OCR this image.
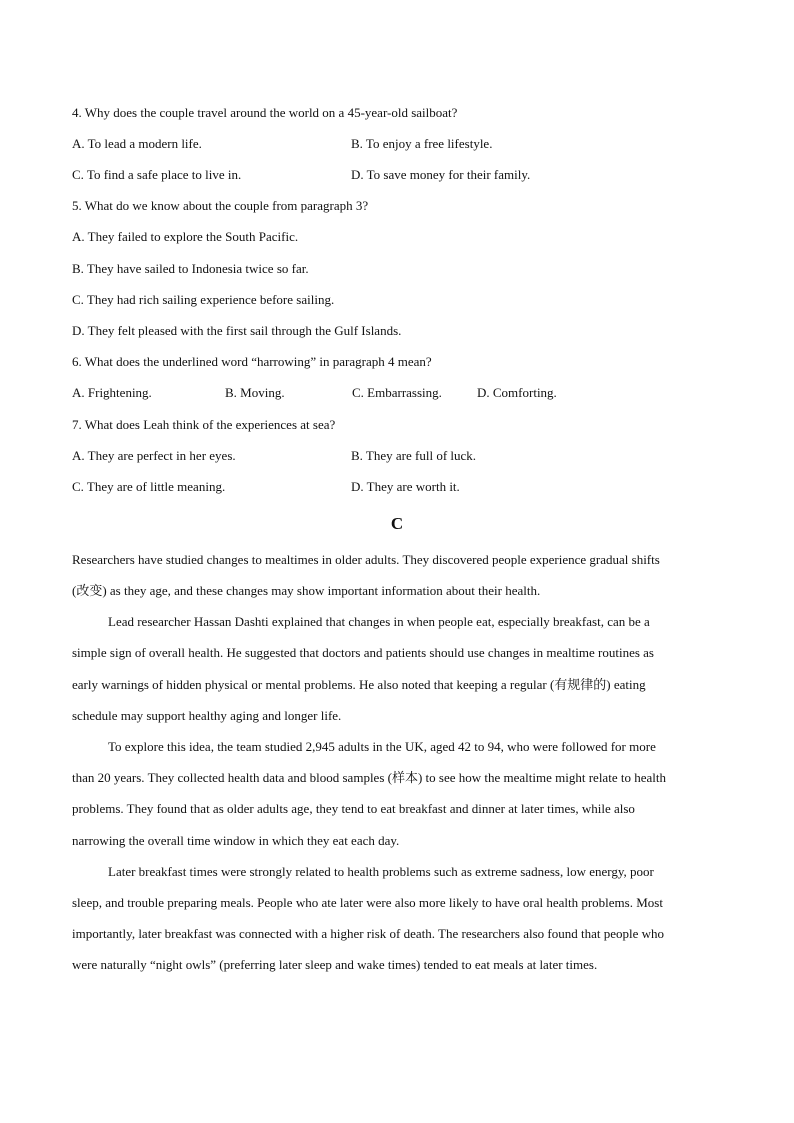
4. Why does the couple travel around the world on a 45-year-old sailboat?
A. To lead a modern life.	B. To enjoy a free lifestyle.
C. To find a safe place to live in.	D. To save money for their family.
5. What do we know about the couple from paragraph 3?
A. They failed to explore the South Pacific.
B. They have sailed to Indonesia twice so far.
C. They had rich sailing experience before sailing.
D. They felt pleased with the first sail through the Gulf Islands.
6. What does the underlined word “harrowing” in paragraph 4 mean?
A. Frightening.	B. Moving.	C. Embarrassing.	D. Comforting.
7. What does Leah think of the experiences at sea?
A. They are perfect in her eyes.	B. They are full of luck.
C. They are of little meaning.	D. They are worth it.
C
Researchers have studied changes to mealtimes in older adults. They discovered people experience gradual shifts
(改变) as they age, and these changes may show important information about their health.
Lead researcher Hassan Dashti explained that changes in when people eat, especially breakfast, can be a
simple sign of overall health. He suggested that doctors and patients should use changes in mealtime routines as
early warnings of hidden physical or mental problems. He also noted that keeping a regular (有规律的) eating
schedule may support healthy aging and longer life.
To explore this idea, the team studied 2,945 adults in the UK, aged 42 to 94, who were followed for more
than 20 years. They collected health data and blood samples (样本) to see how the mealtime might relate to health
problems. They found that as older adults age, they tend to eat breakfast and dinner at later times, while also
narrowing the overall time window in which they eat each day.
Later breakfast times were strongly related to health problems such as extreme sadness, low energy, poor
sleep, and trouble preparing meals. People who ate later were also more likely to have oral health problems. Most
importantly, later breakfast was connected with a higher risk of death. The researchers also found that people who
were naturally “night owls” (preferring later sleep and wake times) tended to eat meals at later times.
